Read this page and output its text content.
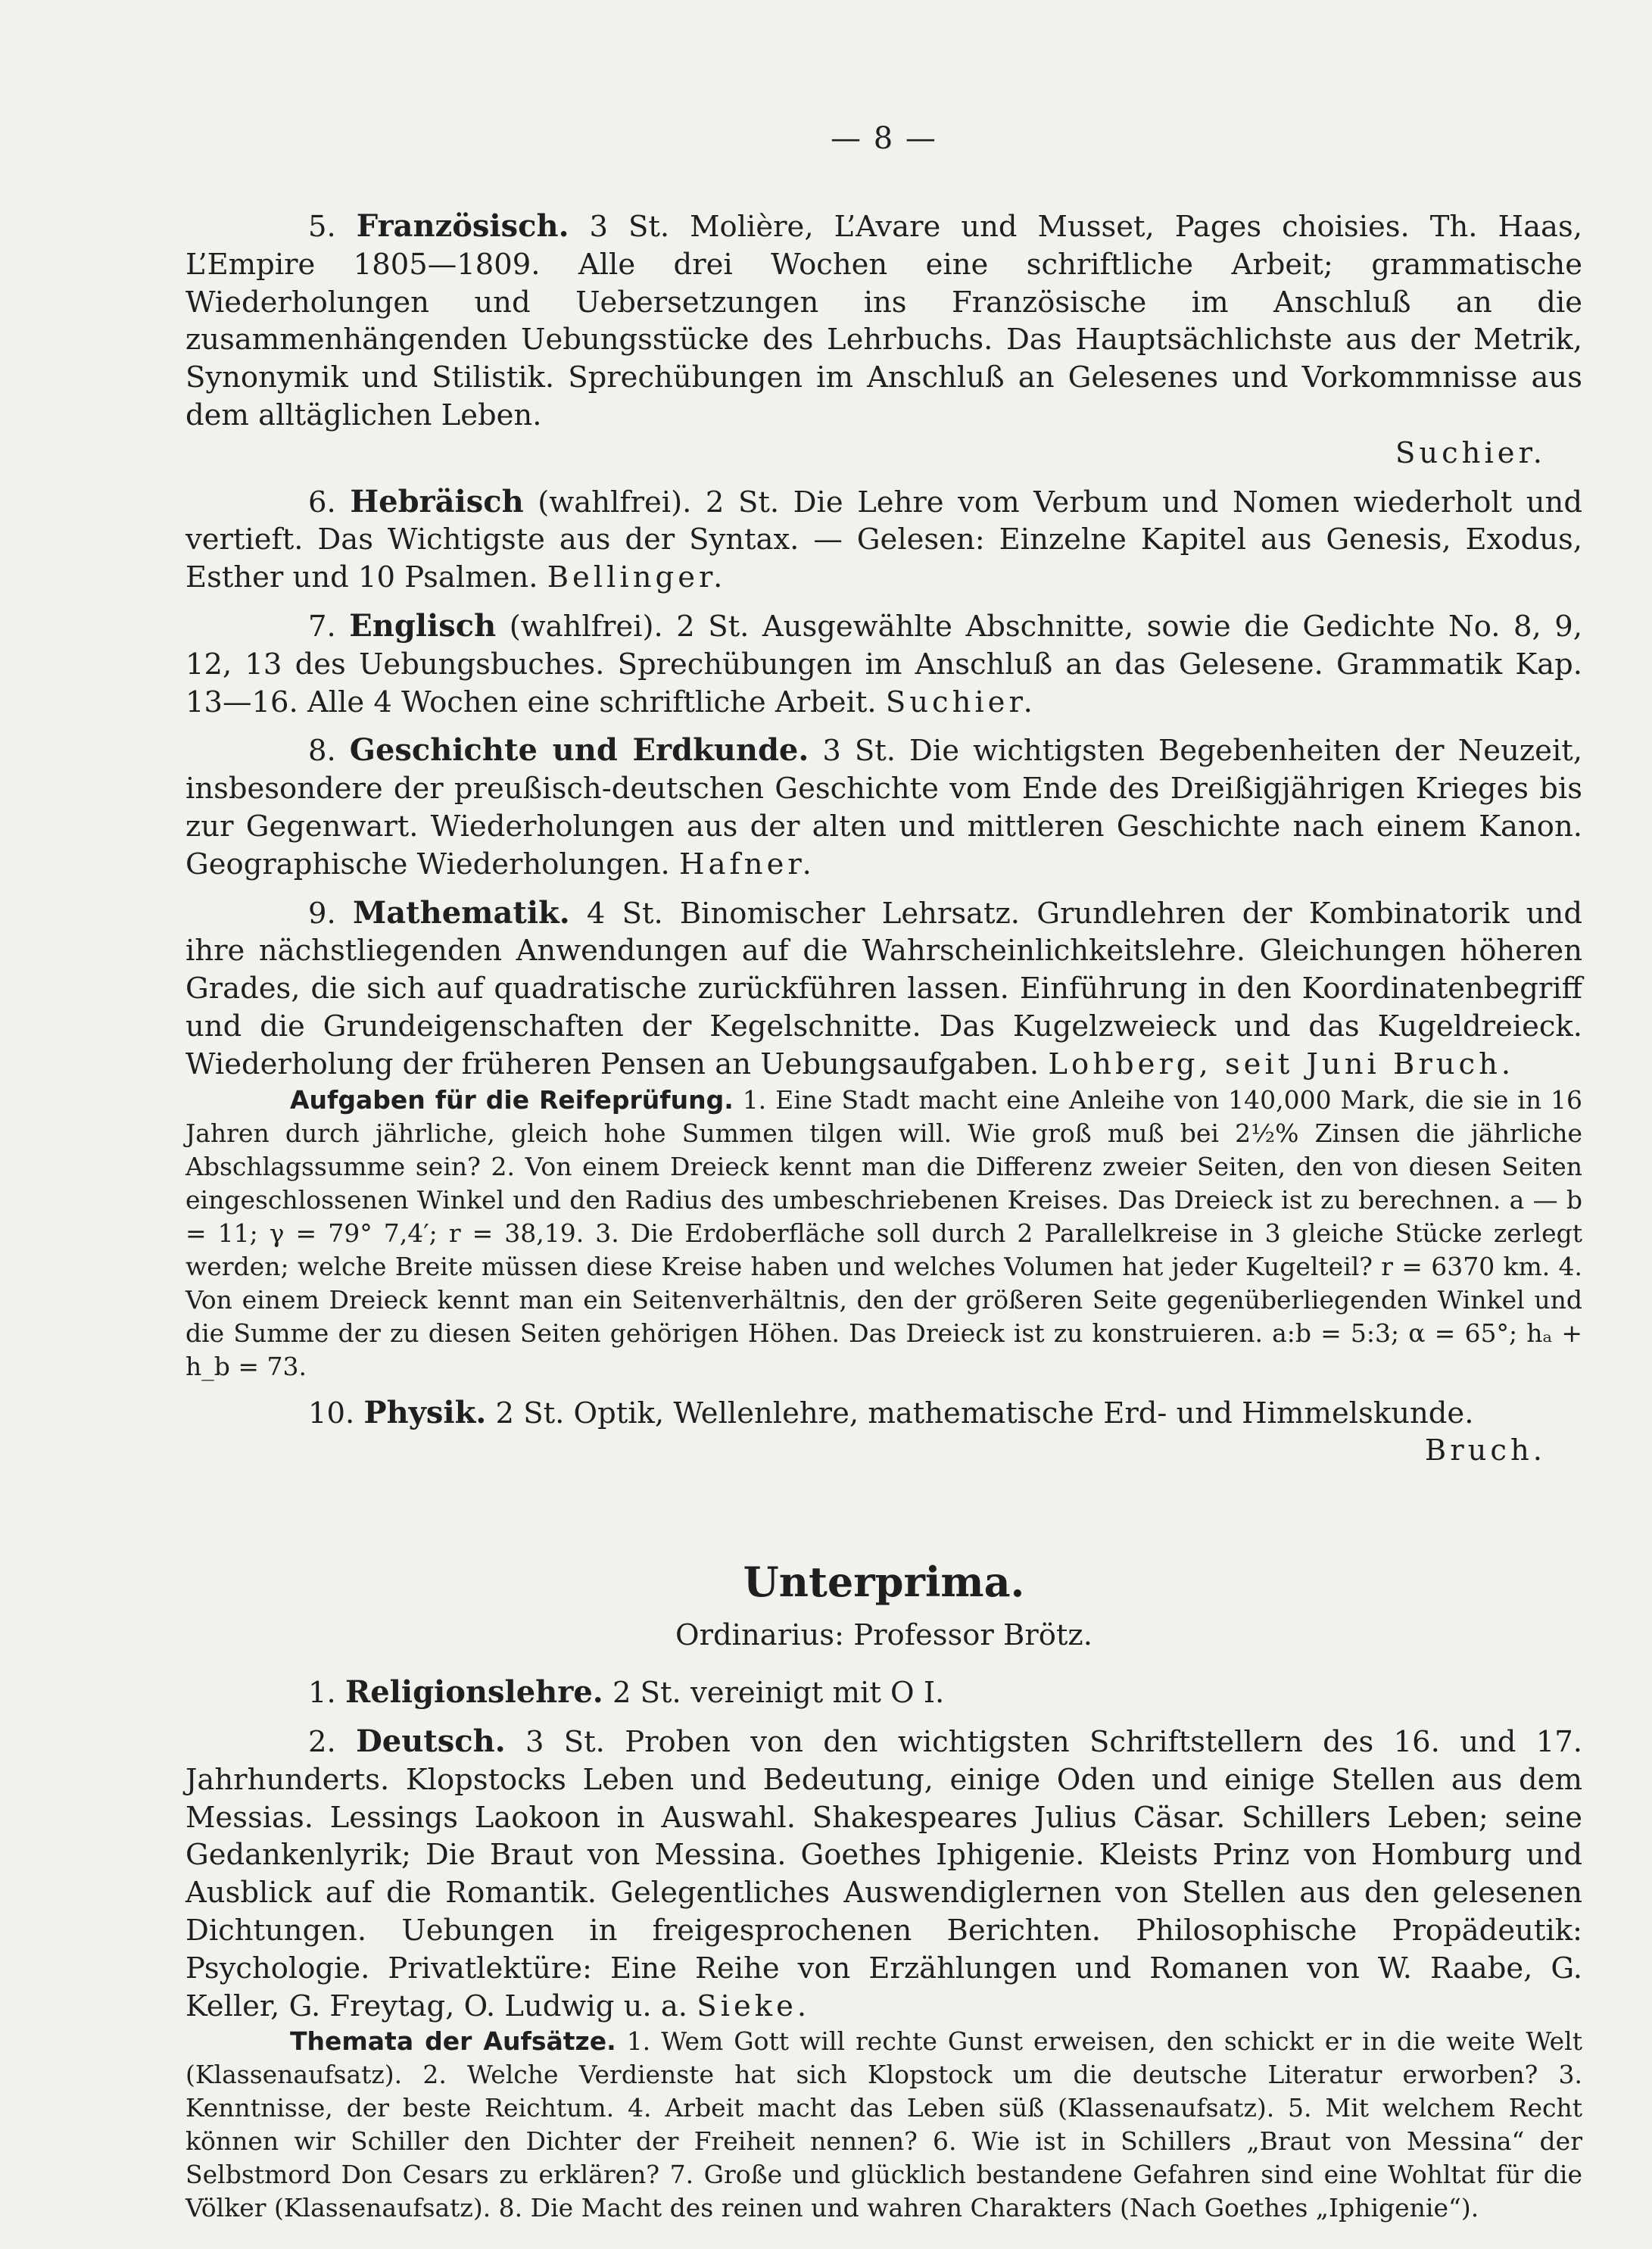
— 8 —

5. Französisch. 3 St. Molière, L’Avare und Musset, Pages choisies. Th. Haas, L’Empire 1805—1809. Alle drei Wochen eine schriftliche Arbeit; grammatische Wiederholungen und Uebersetzungen ins Französische im Anschluß an die zusammenhängenden Uebungsstücke des Lehrbuchs. Das Hauptsächlichste aus der Metrik, Synonymik und Stilistik. Sprechübungen im Anschluß an Gelesenes und Vorkommnisse aus dem alltäglichen Leben.

Suchier.

6. Hebräisch (wahlfrei). 2 St. Die Lehre vom Verbum und Nomen wiederholt und vertieft. Das Wichtigste aus der Syntax. — Gelesen: Einzelne Kapitel aus Genesis, Exodus, Esther und 10 Psalmen. Bellinger.

7. Englisch (wahlfrei). 2 St. Ausgewählte Abschnitte, sowie die Gedichte No. 8, 9, 12, 13 des Uebungsbuches. Sprechübungen im Anschluß an das Gelesene. Grammatik Kap. 13—16. Alle 4 Wochen eine schriftliche Arbeit. Suchier.

8. Geschichte und Erdkunde. 3 St. Die wichtigsten Begebenheiten der Neuzeit, insbesondere der preußisch-deutschen Geschichte vom Ende des Dreißigjährigen Krieges bis zur Gegenwart. Wiederholungen aus der alten und mittleren Geschichte nach einem Kanon. Geographische Wiederholungen. Hafner.

9. Mathematik. 4 St. Binomischer Lehrsatz. Grundlehren der Kombinatorik und ihre nächstliegenden Anwendungen auf die Wahrscheinlichkeitslehre. Gleichungen höheren Grades, die sich auf quadratische zurückführen lassen. Einführung in den Koordinatenbegriff und die Grundeigenschaften der Kegelschnitte. Das Kugelzweieck und das Kugeldreieck. Wiederholung der früheren Pensen an Uebungsaufgaben. Lohberg, seit Juni Bruch.

Aufgaben für die Reifeprüfung. 1. Eine Stadt macht eine Anleihe von 140,000 Mark, die sie in 16 Jahren durch jährliche, gleich hohe Summen tilgen will. Wie groß muß bei 2½% Zinsen die jährliche Abschlagssumme sein? 2. Von einem Dreieck kennt man die Differenz zweier Seiten, den von diesen Seiten eingeschlossenen Winkel und den Radius des umbeschriebenen Kreises. Das Dreieck ist zu berechnen. a — b = 11; γ = 79° 7,4′; r = 38,19. 3. Die Erdoberfläche soll durch 2 Parallelkreise in 3 gleiche Stücke zerlegt werden; welche Breite müssen diese Kreise haben und welches Volumen hat jeder Kugelteil? r = 6370 km. 4. Von einem Dreieck kennt man ein Seitenverhältnis, den der größeren Seite gegenüberliegenden Winkel und die Summe der zu diesen Seiten gehörigen Höhen. Das Dreieck ist zu konstruieren. a:b = 5:3; α = 65°; hₐ + h_b = 73.

10. Physik. 2 St. Optik, Wellenlehre, mathematische Erd- und Himmelskunde.

Bruch.

Unterprima.
Ordinarius: Professor Brötz.

1. Religionslehre. 2 St. vereinigt mit O I.

2. Deutsch. 3 St. Proben von den wichtigsten Schriftstellern des 16. und 17. Jahrhunderts. Klopstocks Leben und Bedeutung, einige Oden und einige Stellen aus dem Messias. Lessings Laokoon in Auswahl. Shakespeares Julius Cäsar. Schillers Leben; seine Gedankenlyrik; Die Braut von Messina. Goethes Iphigenie. Kleists Prinz von Homburg und Ausblick auf die Romantik. Gelegentliches Auswendiglernen von Stellen aus den gelesenen Dichtungen. Uebungen in freigesprochenen Berichten. Philosophische Propädeutik: Psychologie. Privatlektüre: Eine Reihe von Erzählungen und Romanen von W. Raabe, G. Keller, G. Freytag, O. Ludwig u. a. Sieke.

Themata der Aufsätze. 1. Wem Gott will rechte Gunst erweisen, den schickt er in die weite Welt (Klassenaufsatz). 2. Welche Verdienste hat sich Klopstock um die deutsche Literatur erworben? 3. Kenntnisse, der beste Reichtum. 4. Arbeit macht das Leben süß (Klassenaufsatz). 5. Mit welchem Recht können wir Schiller den Dichter der Freiheit nennen? 6. Wie ist in Schillers „Braut von Messina“ der Selbstmord Don Cesars zu erklären? 7. Große und glücklich bestandene Gefahren sind eine Wohltat für die Völker (Klassenaufsatz). 8. Die Macht des reinen und wahren Charakters (Nach Goethes „Iphigenie“).
